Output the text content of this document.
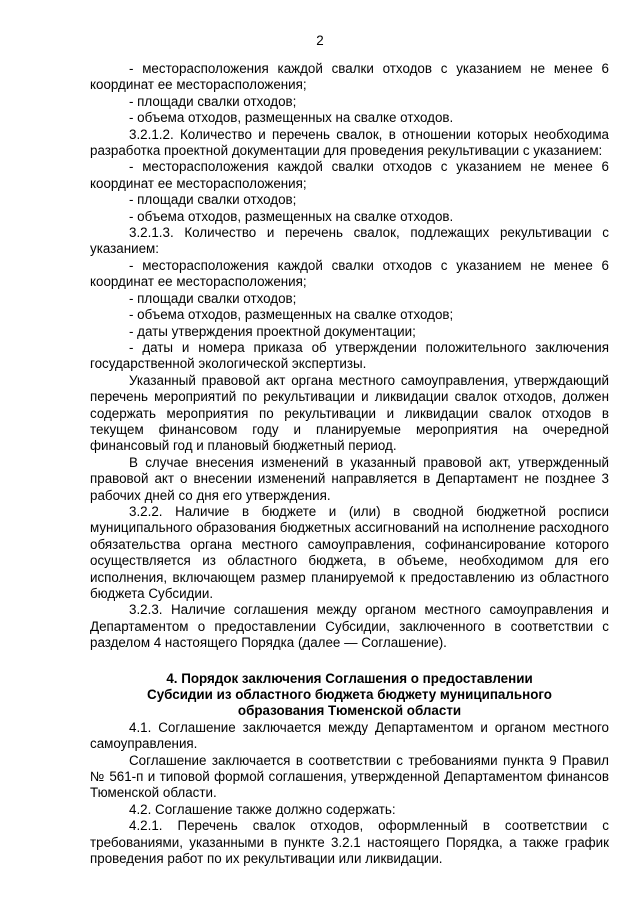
2

- месторасположения каждой свалки отходов с указанием не менее 6 координат ее месторасположения;

- площади свалки отходов;

- объема отходов, размещенных на свалке отходов.

3.2.1.2. Количество и перечень свалок, в отношении которых необходима разработка проектной документации для проведения рекультивации с указанием:

- месторасположения каждой свалки отходов с указанием не менее 6 координат ее месторасположения;

- площади свалки отходов;

- объема отходов, размещенных на свалке отходов.

3.2.1.3. Количество и перечень свалок, подлежащих рекультивации с указанием:

- месторасположения каждой свалки отходов с указанием не менее 6 координат ее месторасположения;

- площади свалки отходов;

- объема отходов, размещенных на свалке отходов;

- даты утверждения проектной документации;

- даты и номера приказа об утверждении положительного заключения государственной экологической экспертизы.

Указанный правовой акт органа местного самоуправления, утверждающий перечень мероприятий по рекультивации и ликвидации свалок отходов, должен содержать мероприятия по рекультивации и ликвидации свалок отходов в текущем финансовом году и планируемые мероприятия на очередной финансовый год и плановый бюджетный период.

В случае внесения изменений в указанный правовой акт, утвержденный правовой акт о внесении изменений направляется в Департамент не позднее 3 рабочих дней со дня его утверждения.

3.2.2. Наличие в бюджете и (или) в сводной бюджетной росписи муниципального образования бюджетных ассигнований на исполнение расходного обязательства органа местного самоуправления, софинансирование которого осуществляется из областного бюджета, в объеме, необходимом для его исполнения, включающем размер планируемой к предоставлению из областного бюджета Субсидии.

3.2.3. Наличие соглашения между органом местного самоуправления и Департаментом о предоставлении Субсидии, заключенного в соответствии с разделом 4 настоящего Порядка (далее — Соглашение).

4. Порядок заключения Соглашения о предоставлении
Субсидии из областного бюджета бюджету муниципального
образования Тюменской области

4.1. Соглашение заключается между Департаментом и органом местного самоуправления.

Соглашение заключается в соответствии с требованиями пункта 9 Правил № 561-п и типовой формой соглашения, утвержденной Департаментом финансов Тюменской области.

4.2. Соглашение также должно содержать:

4.2.1. Перечень свалок отходов, оформленный в соответствии с требованиями, указанными в пункте 3.2.1 настоящего Порядка, а также график проведения работ по их рекультивации или ликвидации.
